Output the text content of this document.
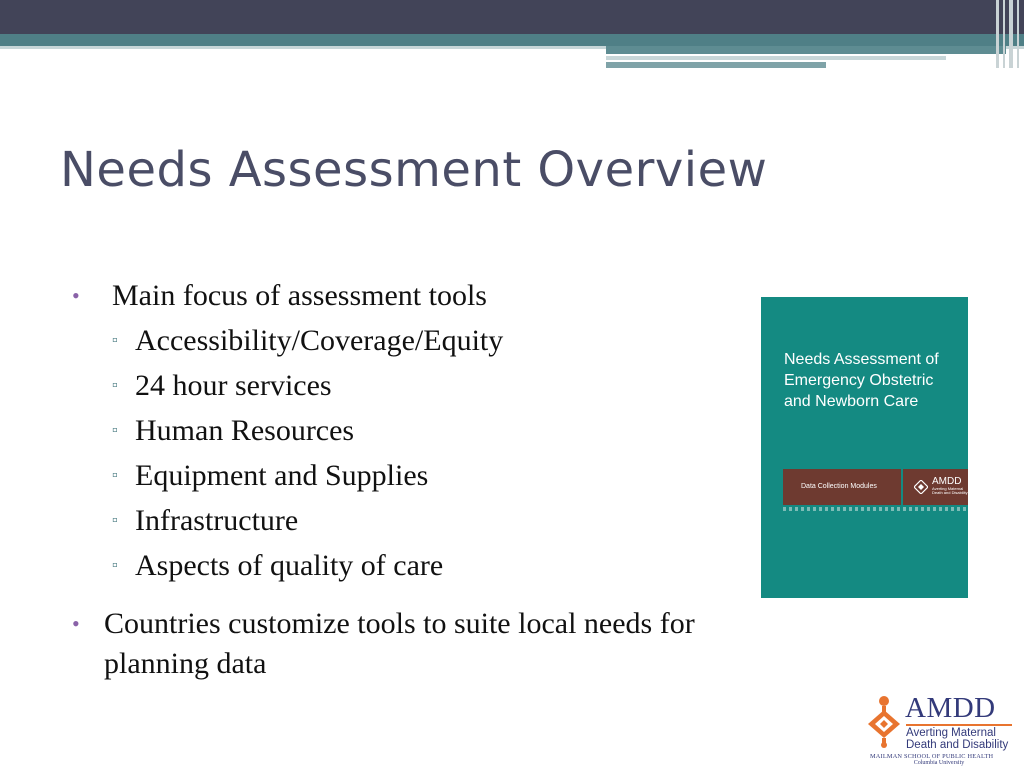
Needs Assessment Overview
• Main focus of assessment tools
▫ Accessibility/Coverage/Equity
▫ 24 hour services
▫ Human Resources
▫ Equipment and Supplies
▫ Infrastructure
▫ Aspects of quality of care
• Countries customize tools to suite local needs for planning data
Needs Assessment of Emergency Obstetric and Newborn Care
Data Collection Modules	AMDD
Averting Maternal Death and Disability
AMDD
Averting Maternal
Death and Disability
MAILMAN SCHOOL OF PUBLIC HEALTH
Columbia University
